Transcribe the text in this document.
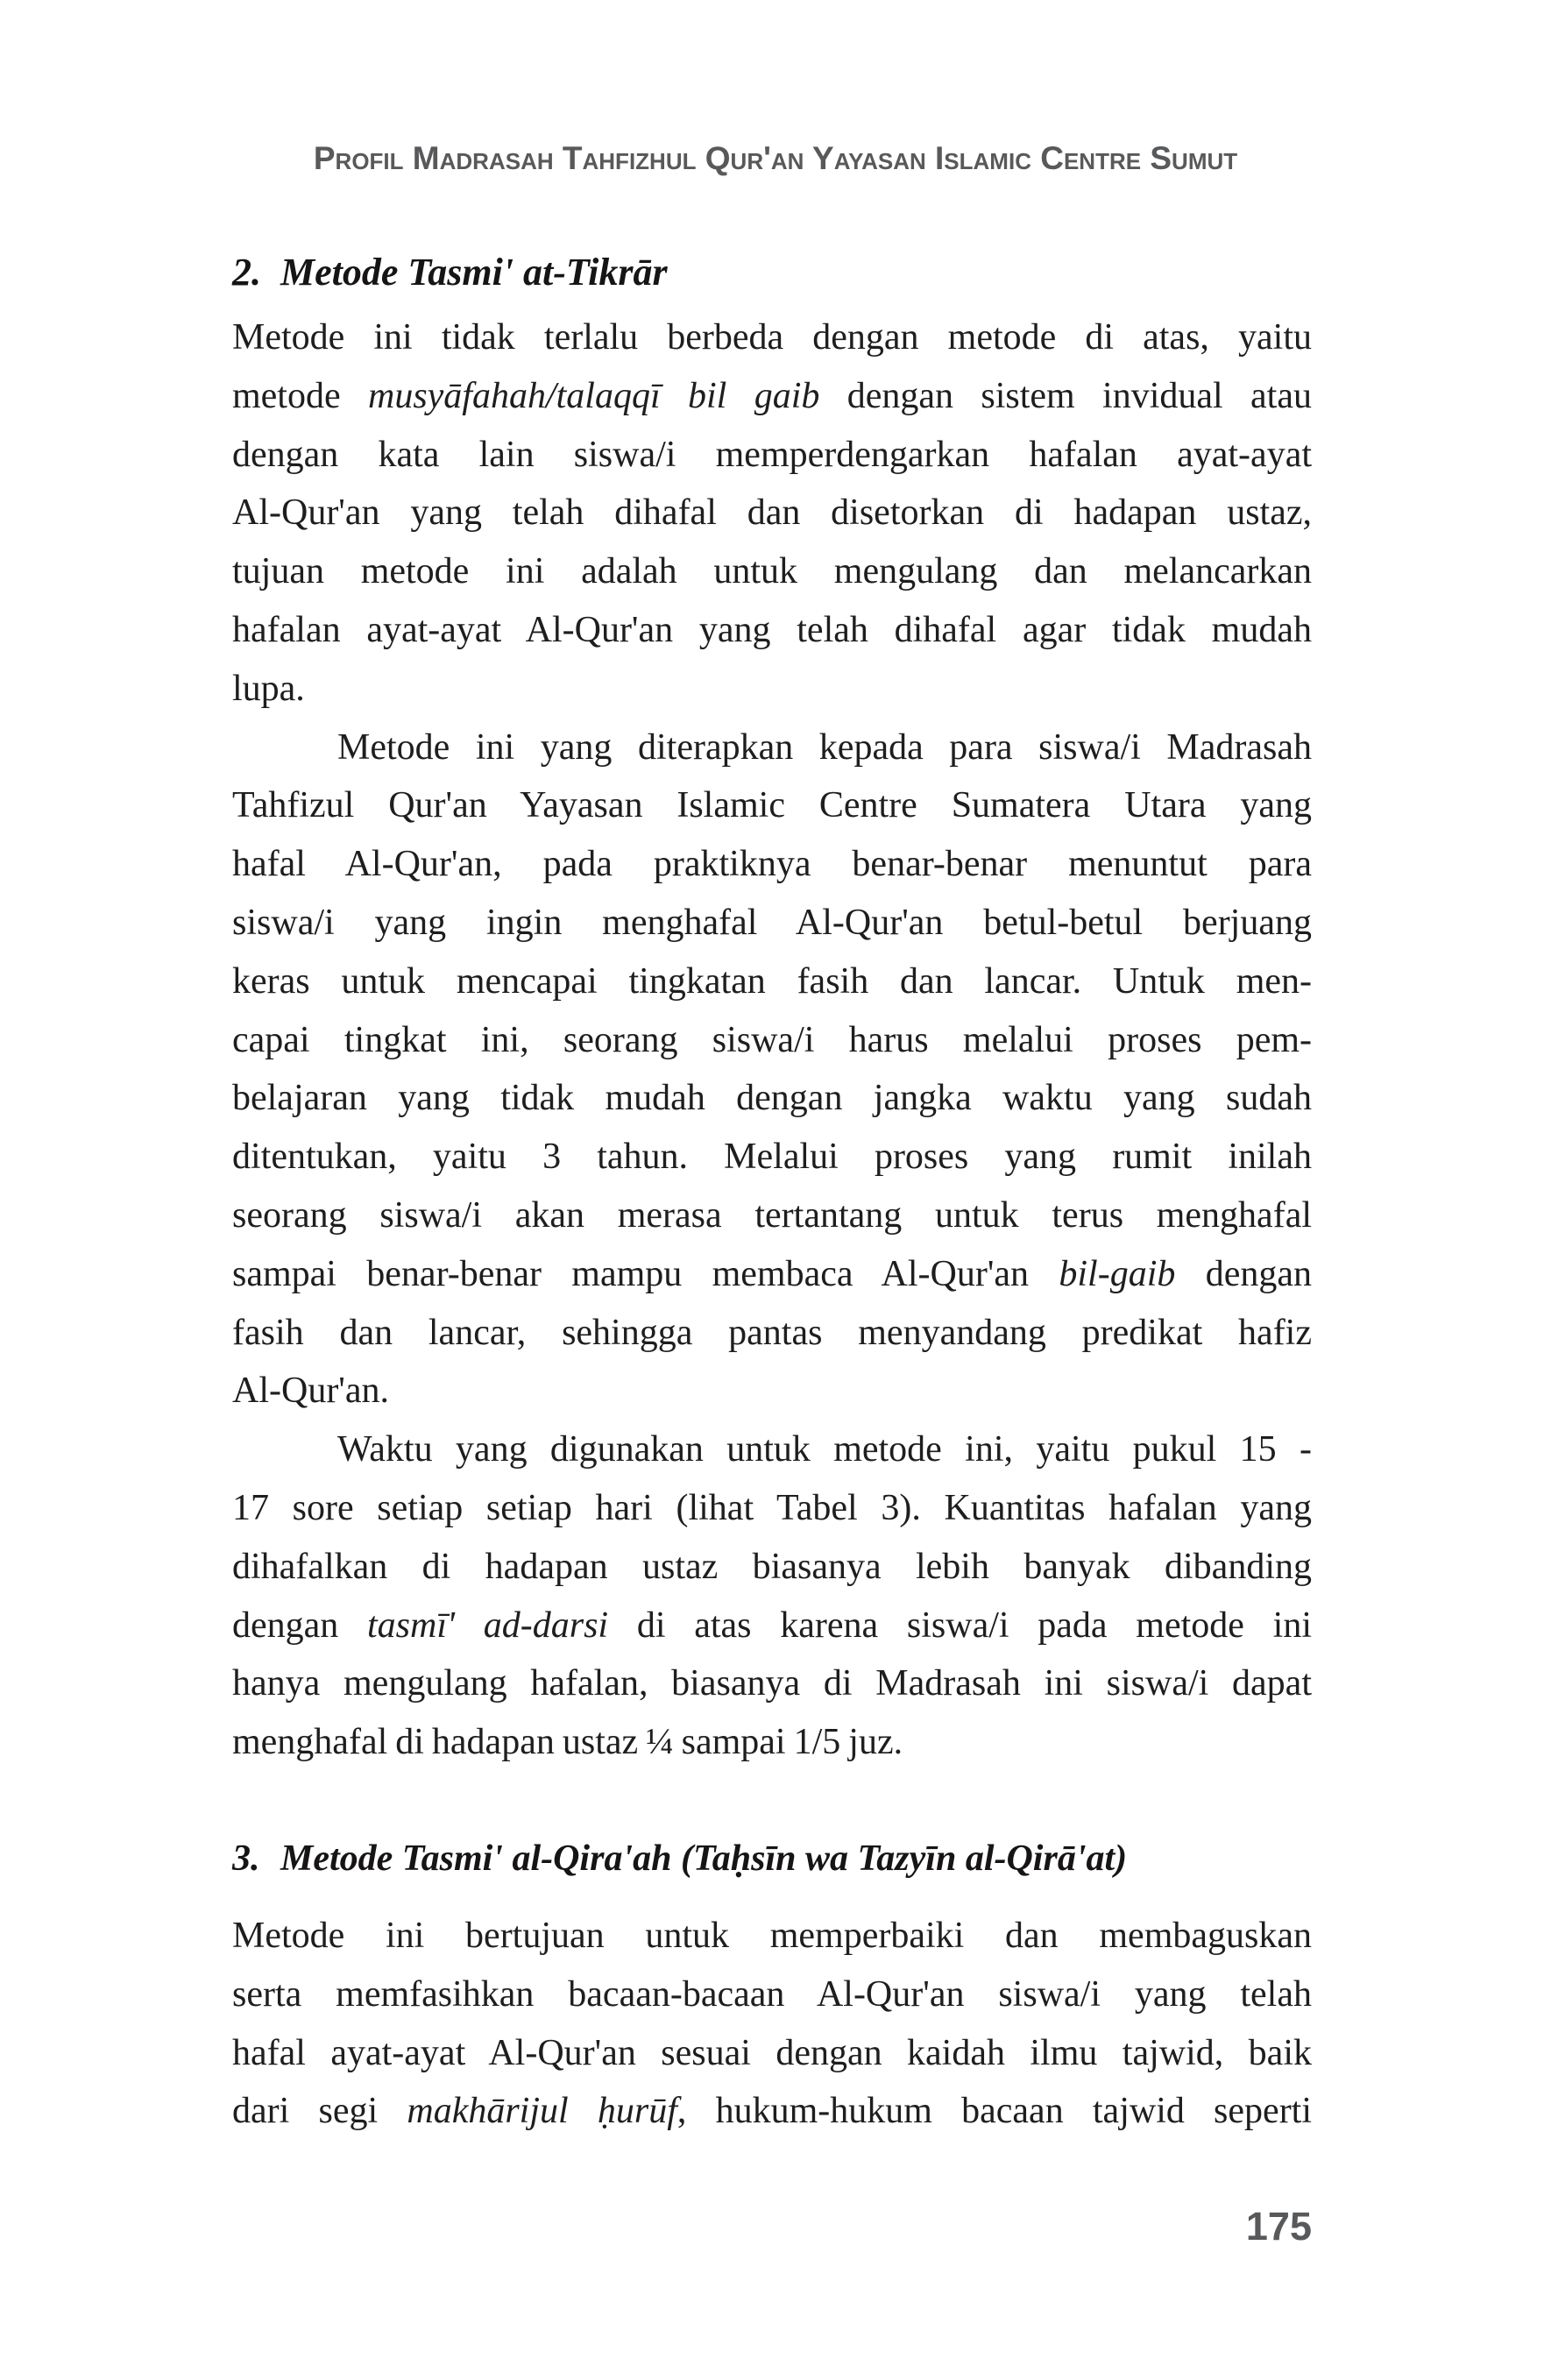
Profil Madrasah Tahfizhul Qur'an Yayasan Islamic Centre Sumut
2. Metode Tasmi' at-Tikrār
Metode ini tidak terlalu berbeda dengan metode di atas, yaitu
metode musyāfahah/talaqqī bil gaib dengan sistem invidual atau
dengan kata lain siswa/i memperdengarkan hafalan ayat-ayat
Al-Qur'an yang telah dihafal dan disetorkan di hadapan ustaz,
tujuan metode ini adalah untuk mengulang dan melancarkan
hafalan ayat-ayat Al-Qur'an yang telah dihafal agar tidak mudah
lupa.
Metode ini yang diterapkan kepada para siswa/i Madrasah
Tahfizul Qur'an Yayasan Islamic Centre Sumatera Utara yang
hafal Al-Qur'an, pada praktiknya benar-benar menuntut para
siswa/i yang ingin menghafal Al-Qur'an betul-betul berjuang
keras untuk mencapai tingkatan fasih dan lancar. Untuk men-
capai tingkat ini, seorang siswa/i harus melalui proses pem-
belajaran yang tidak mudah dengan jangka waktu yang sudah
ditentukan, yaitu 3 tahun. Melalui proses yang rumit inilah
seorang siswa/i akan merasa tertantang untuk terus menghafal
sampai benar-benar mampu membaca Al-Qur'an bil-gaib dengan
fasih dan lancar, sehingga pantas menyandang predikat hafiz
Al-Qur'an.
Waktu yang digunakan untuk metode ini, yaitu pukul 15 -
17 sore setiap setiap hari (lihat Tabel 3). Kuantitas hafalan yang
dihafalkan di hadapan ustaz biasanya lebih banyak dibanding
dengan tasmī' ad-darsi di atas karena siswa/i pada metode ini
hanya mengulang hafalan, biasanya di Madrasah ini siswa/i dapat
menghafal di hadapan ustaz ¼ sampai 1/5 juz.
3. Metode Tasmi' al-Qira'ah (Taḥsīn wa Tazyīn al-Qirā'at)
Metode ini bertujuan untuk memperbaiki dan membaguskan
serta memfasihkan bacaan-bacaan Al-Qur'an siswa/i yang telah
hafal ayat-ayat Al-Qur'an sesuai dengan kaidah ilmu tajwid, baik
dari segi makhārijul ḥurūf, hukum-hukum bacaan tajwid seperti
175
